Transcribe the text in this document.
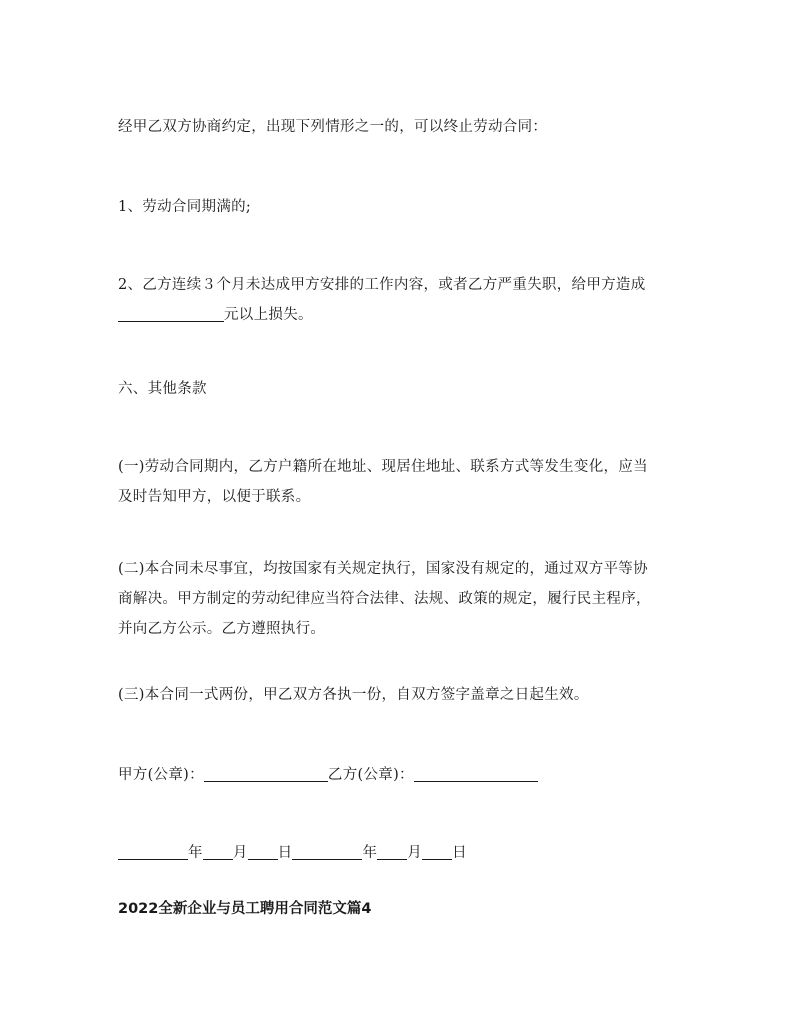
经甲乙双方协商约定，出现下列情形之一的，可以终止劳动合同：
1、劳动合同期满的;
2、乙方连续３个月未达成甲方安排的工作内容，或者乙方严重失职，给甲方造成
元以上损失。
六、其他条款
(一)劳动合同期内，乙方户籍所在地址、现居住地址、联系方式等发生变化，应当
及时告知甲方，以便于联系。
(二)本合同未尽事宜，均按国家有关规定执行，国家没有规定的，通过双方平等协
商解决。甲方制定的劳动纪律应当符合法律、法规、政策的规定，履行民主程序，
并向乙方公示。乙方遵照执行。
(三)本合同一式两份，甲乙双方各执一份，自双方签字盖章之日起生效。
甲方(公章)：	乙方(公章)：
年 月 日	年 月 日
2022全新企业与员工聘用合同范文篇4
